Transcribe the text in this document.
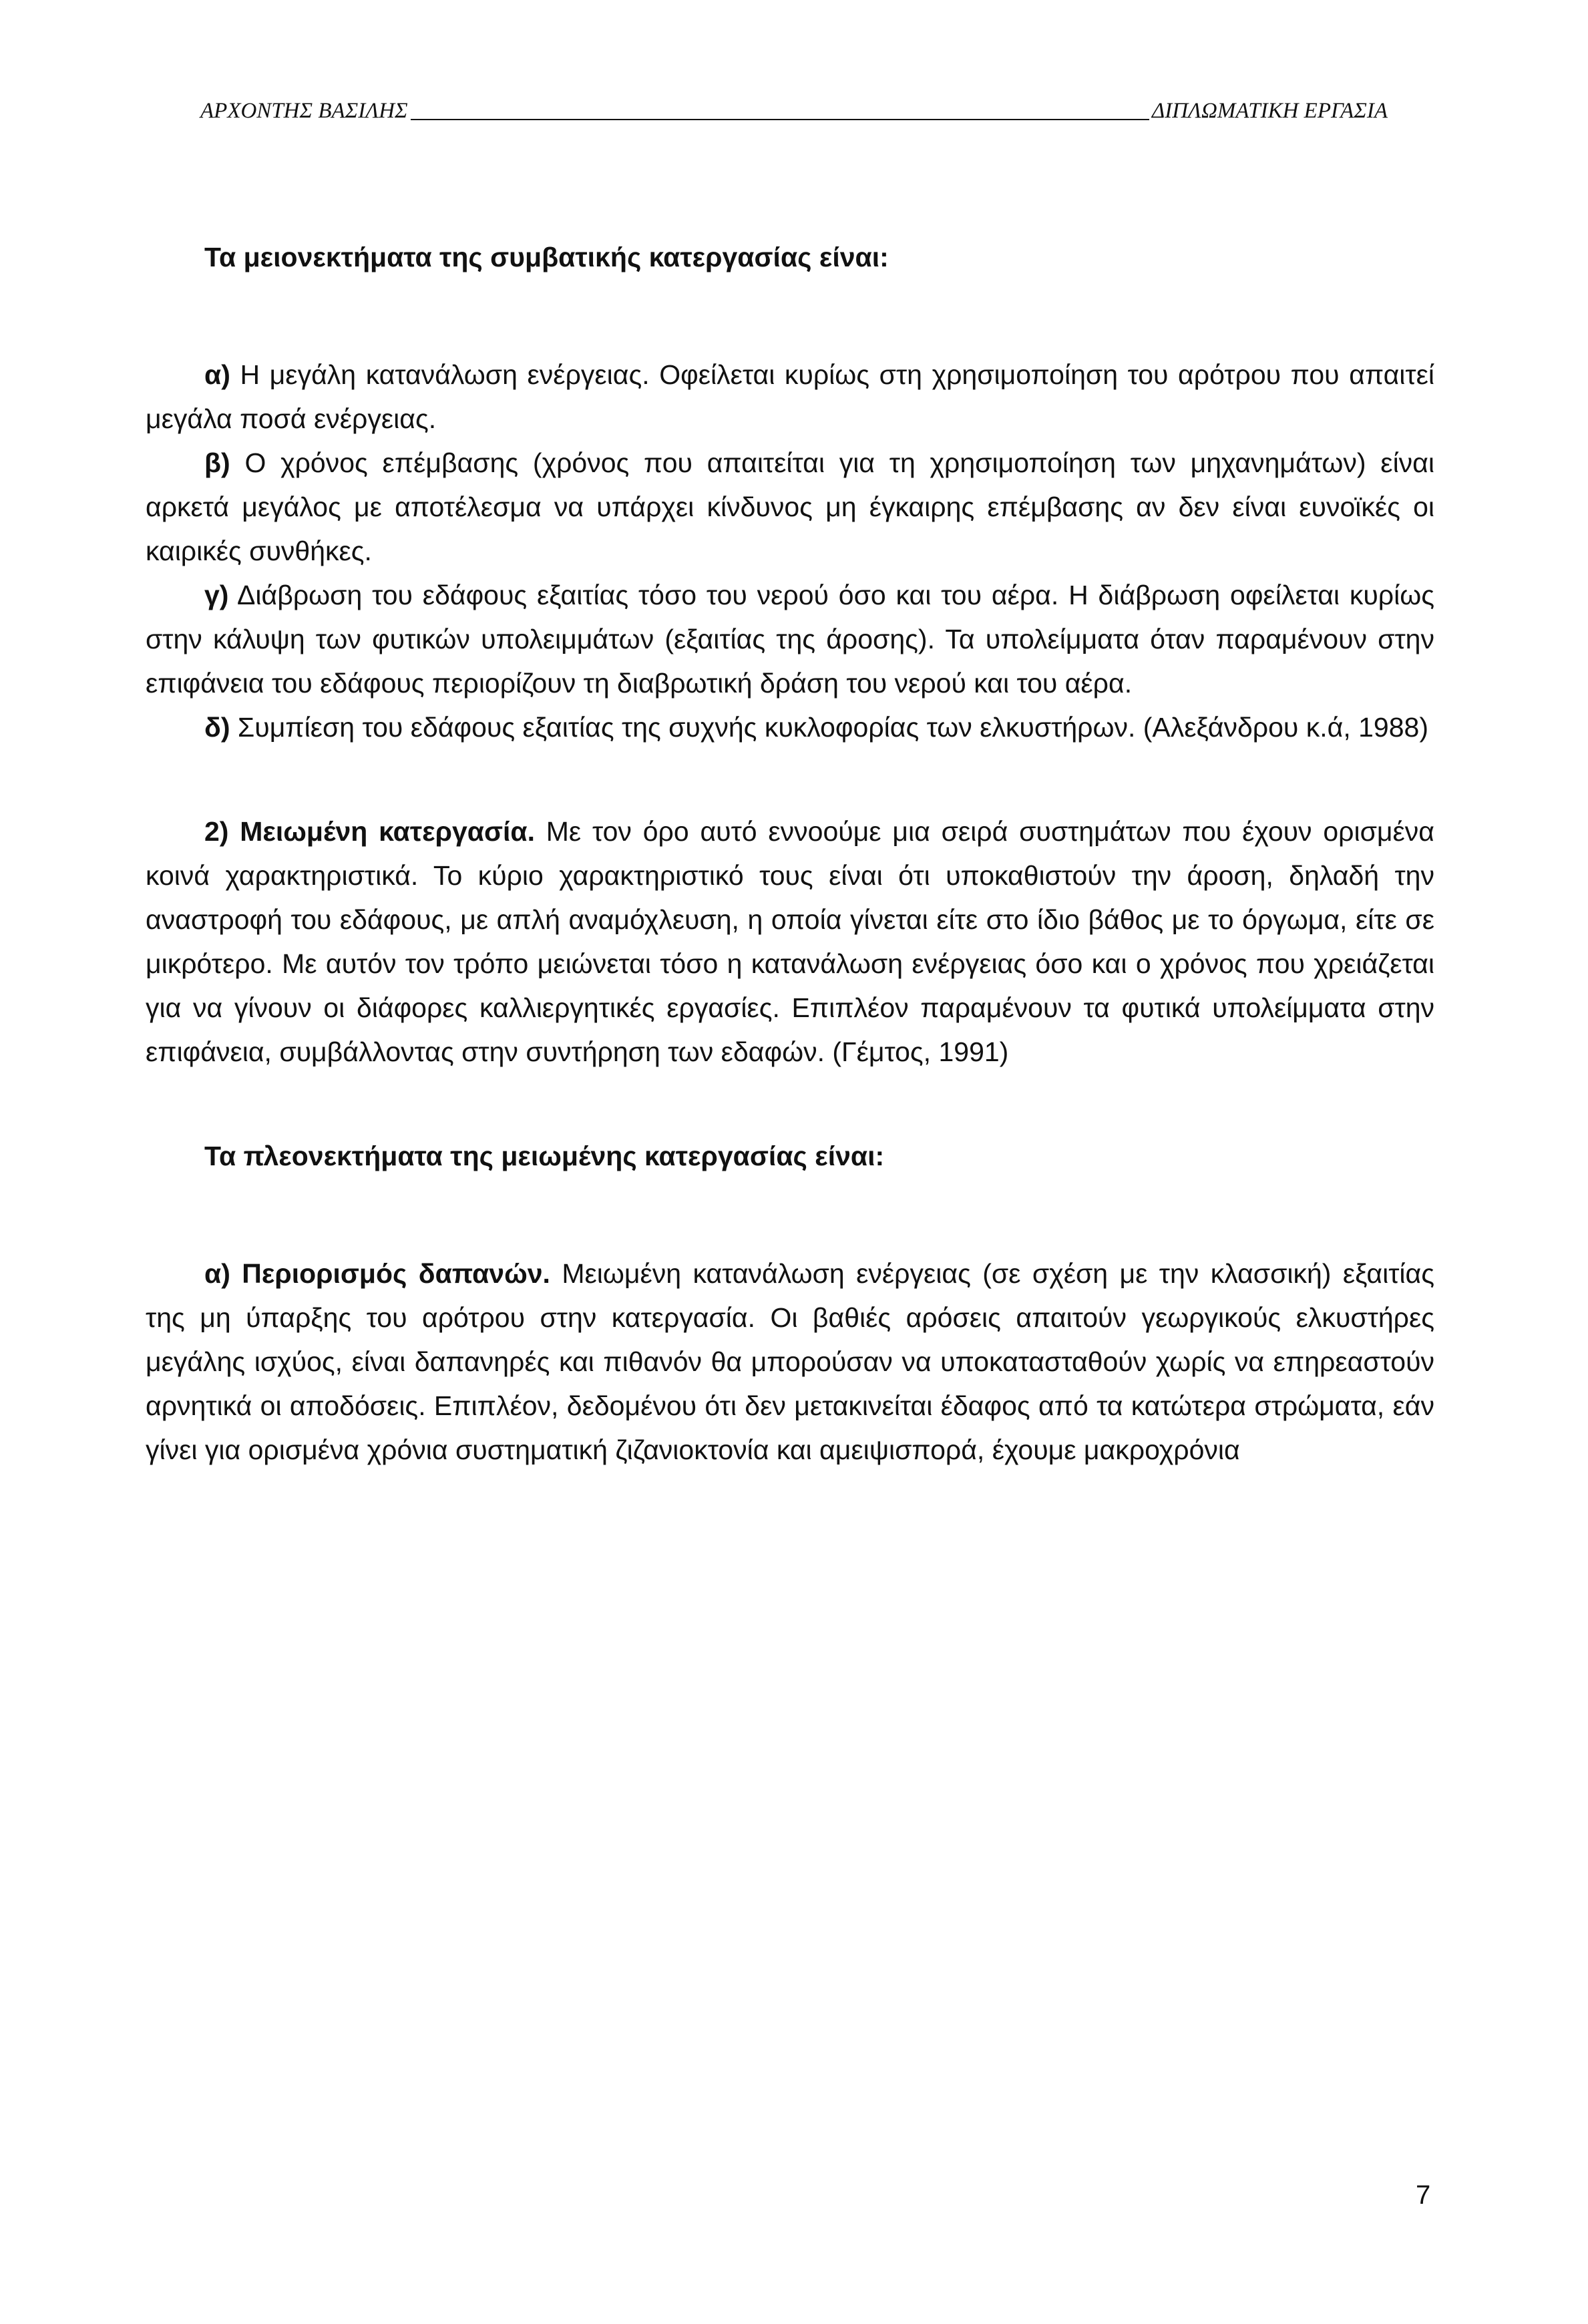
ΑΡΧΟΝΤΗΣ ΒΑΣΙΛΗΣ	ΔΙΠΛΩΜΑΤΙΚΗ ΕΡΓΑΣΙΑ

Τα μειονεκτήματα της συμβατικής κατεργασίας είναι:

α) Η μεγάλη κατανάλωση ενέργειας. Οφείλεται κυρίως στη χρησιμοποίηση του αρότρου που απαιτεί μεγάλα ποσά ενέργειας.

β) Ο χρόνος επέμβασης (χρόνος που απαιτείται για τη χρησιμοποίηση των μηχανημάτων) είναι αρκετά μεγάλος με αποτέλεσμα να υπάρχει κίνδυνος μη έγκαιρης επέμβασης αν δεν είναι ευνοϊκές οι καιρικές συνθήκες.

γ) Διάβρωση του εδάφους εξαιτίας τόσο του νερού όσο και του αέρα. Η διάβρωση οφείλεται κυρίως στην κάλυψη των φυτικών υπολειμμάτων (εξαιτίας της άροσης). Τα υπολείμματα όταν παραμένουν στην επιφάνεια του εδάφους περιορίζουν τη διαβρωτική δράση του νερού και του αέρα.

δ) Συμπίεση του εδάφους εξαιτίας της συχνής κυκλοφορίας των ελκυστήρων. (Αλεξάνδρου κ.ά, 1988)

2) Μειωμένη κατεργασία. Με τον όρο αυτό εννοούμε μια σειρά συστημάτων που έχουν ορισμένα κοινά χαρακτηριστικά. Το κύριο χαρακτηριστικό τους είναι ότι υποκαθιστούν την άροση, δηλαδή την αναστροφή του εδάφους, με απλή αναμόχλευση, η οποία γίνεται είτε στο ίδιο βάθος με το όργωμα, είτε σε μικρότερο. Με αυτόν τον τρόπο μειώνεται τόσο η κατανάλωση ενέργειας όσο και ο χρόνος που χρειάζεται για να γίνουν οι διάφορες καλλιεργητικές εργασίες. Επιπλέον παραμένουν τα φυτικά υπολείμματα στην επιφάνεια, συμβάλλοντας στην συντήρηση των εδαφών. (Γέμτος, 1991)

Τα πλεονεκτήματα της μειωμένης κατεργασίας είναι:

α) Περιορισμός δαπανών. Μειωμένη κατανάλωση ενέργειας (σε σχέση με την κλασσική) εξαιτίας της μη ύπαρξης του αρότρου στην κατεργασία. Οι βαθιές αρόσεις απαιτούν γεωργικούς ελκυστήρες μεγάλης ισχύος, είναι δαπανηρές και πιθανόν θα μπορούσαν να υποκατασταθούν χωρίς να επηρεαστούν αρνητικά οι αποδόσεις. Επιπλέον, δεδομένου ότι δεν μετακινείται έδαφος από τα κατώτερα στρώματα, εάν γίνει για ορισμένα χρόνια συστηματική ζιζανιοκτονία και αμειψισπορά, έχουμε μακροχρόνια

7
